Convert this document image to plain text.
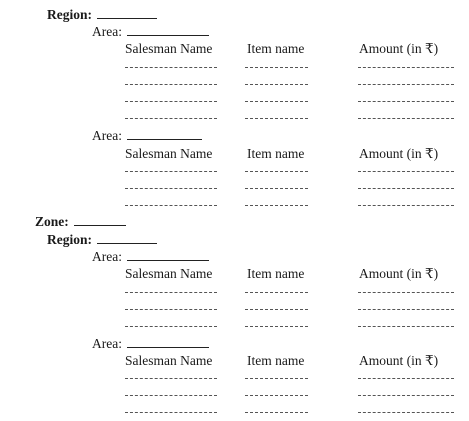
Region:
Area:
Salesman Name	Item name	Amount (in ₹)
Area:
Salesman Name	Item name	Amount (in ₹)
Zone:
Region:
Area:
Salesman Name	Item name	Amount (in ₹)
Area:
Salesman Name	Item name	Amount (in ₹)
